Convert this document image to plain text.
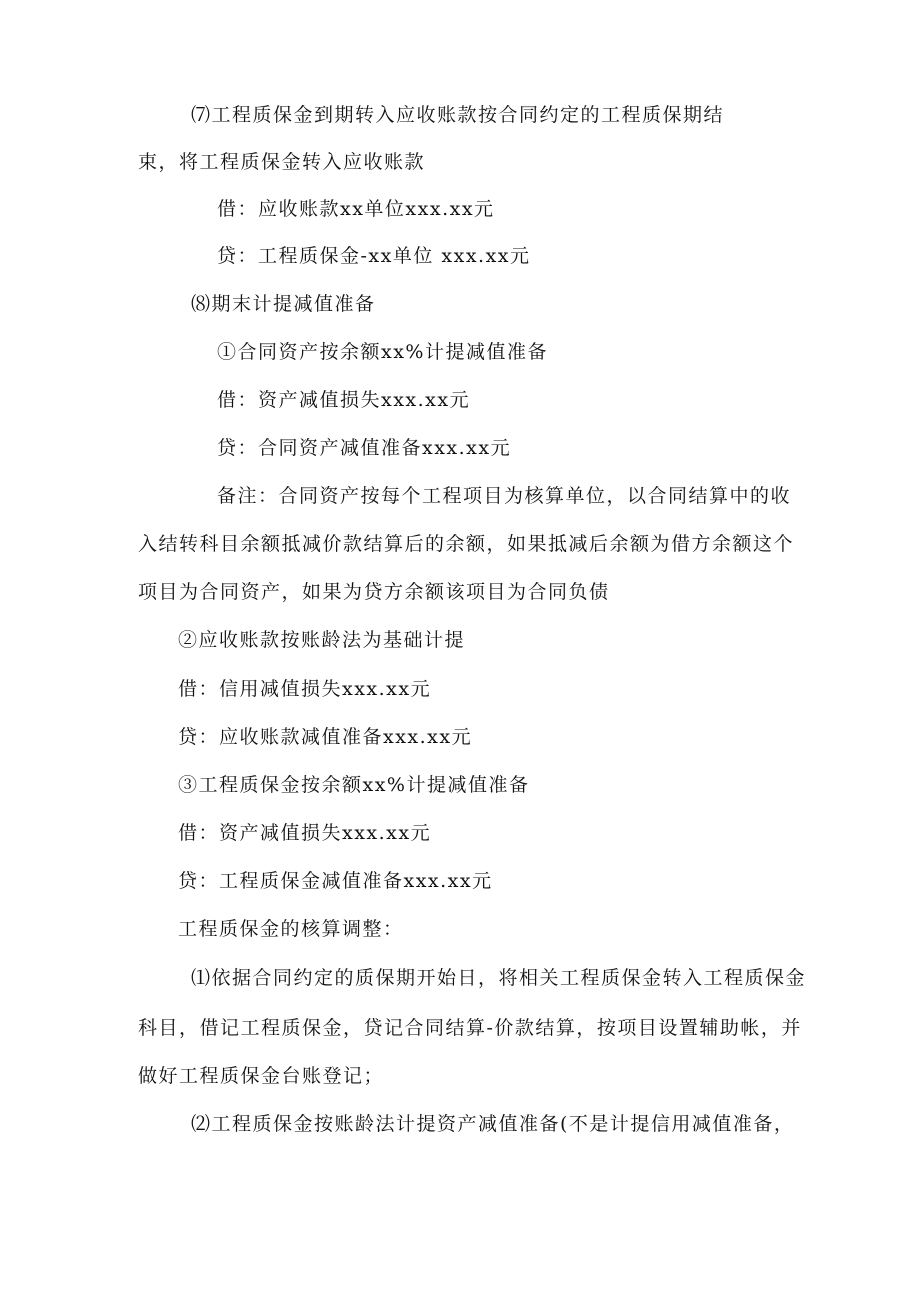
⑺工程质保金到期转入应收账款按合同约定的工程质保期结
束，将工程质保金转入应收账款
借：应收账款xx单位xxx.xx元
贷：工程质保金-xx单位 xxx.xx元
⑻期末计提减值准备
①合同资产按余额xx%计提减值准备
借：资产减值损失xxx.xx元
贷：合同资产减值准备xxx.xx元
备注：合同资产按每个工程项目为核算单位，以合同结算中的收
入结转科目余额抵减价款结算后的余额，如果抵减后余额为借方余额这个
项目为合同资产，如果为贷方余额该项目为合同负债
②应收账款按账龄法为基础计提
借：信用减值损失xxx.xx元
贷：应收账款减值准备xxx.xx元
③工程质保金按余额xx%计提减值准备
借：资产减值损失xxx.xx元
贷：工程质保金减值准备xxx.xx元
工程质保金的核算调整：
⑴依据合同约定的质保期开始日，将相关工程质保金转入工程质保金
科目，借记工程质保金，贷记合同结算-价款结算，按项目设置辅助帐，并
做好工程质保金台账登记；
⑵工程质保金按账龄法计提资产减值准备(不是计提信用减值准备，
